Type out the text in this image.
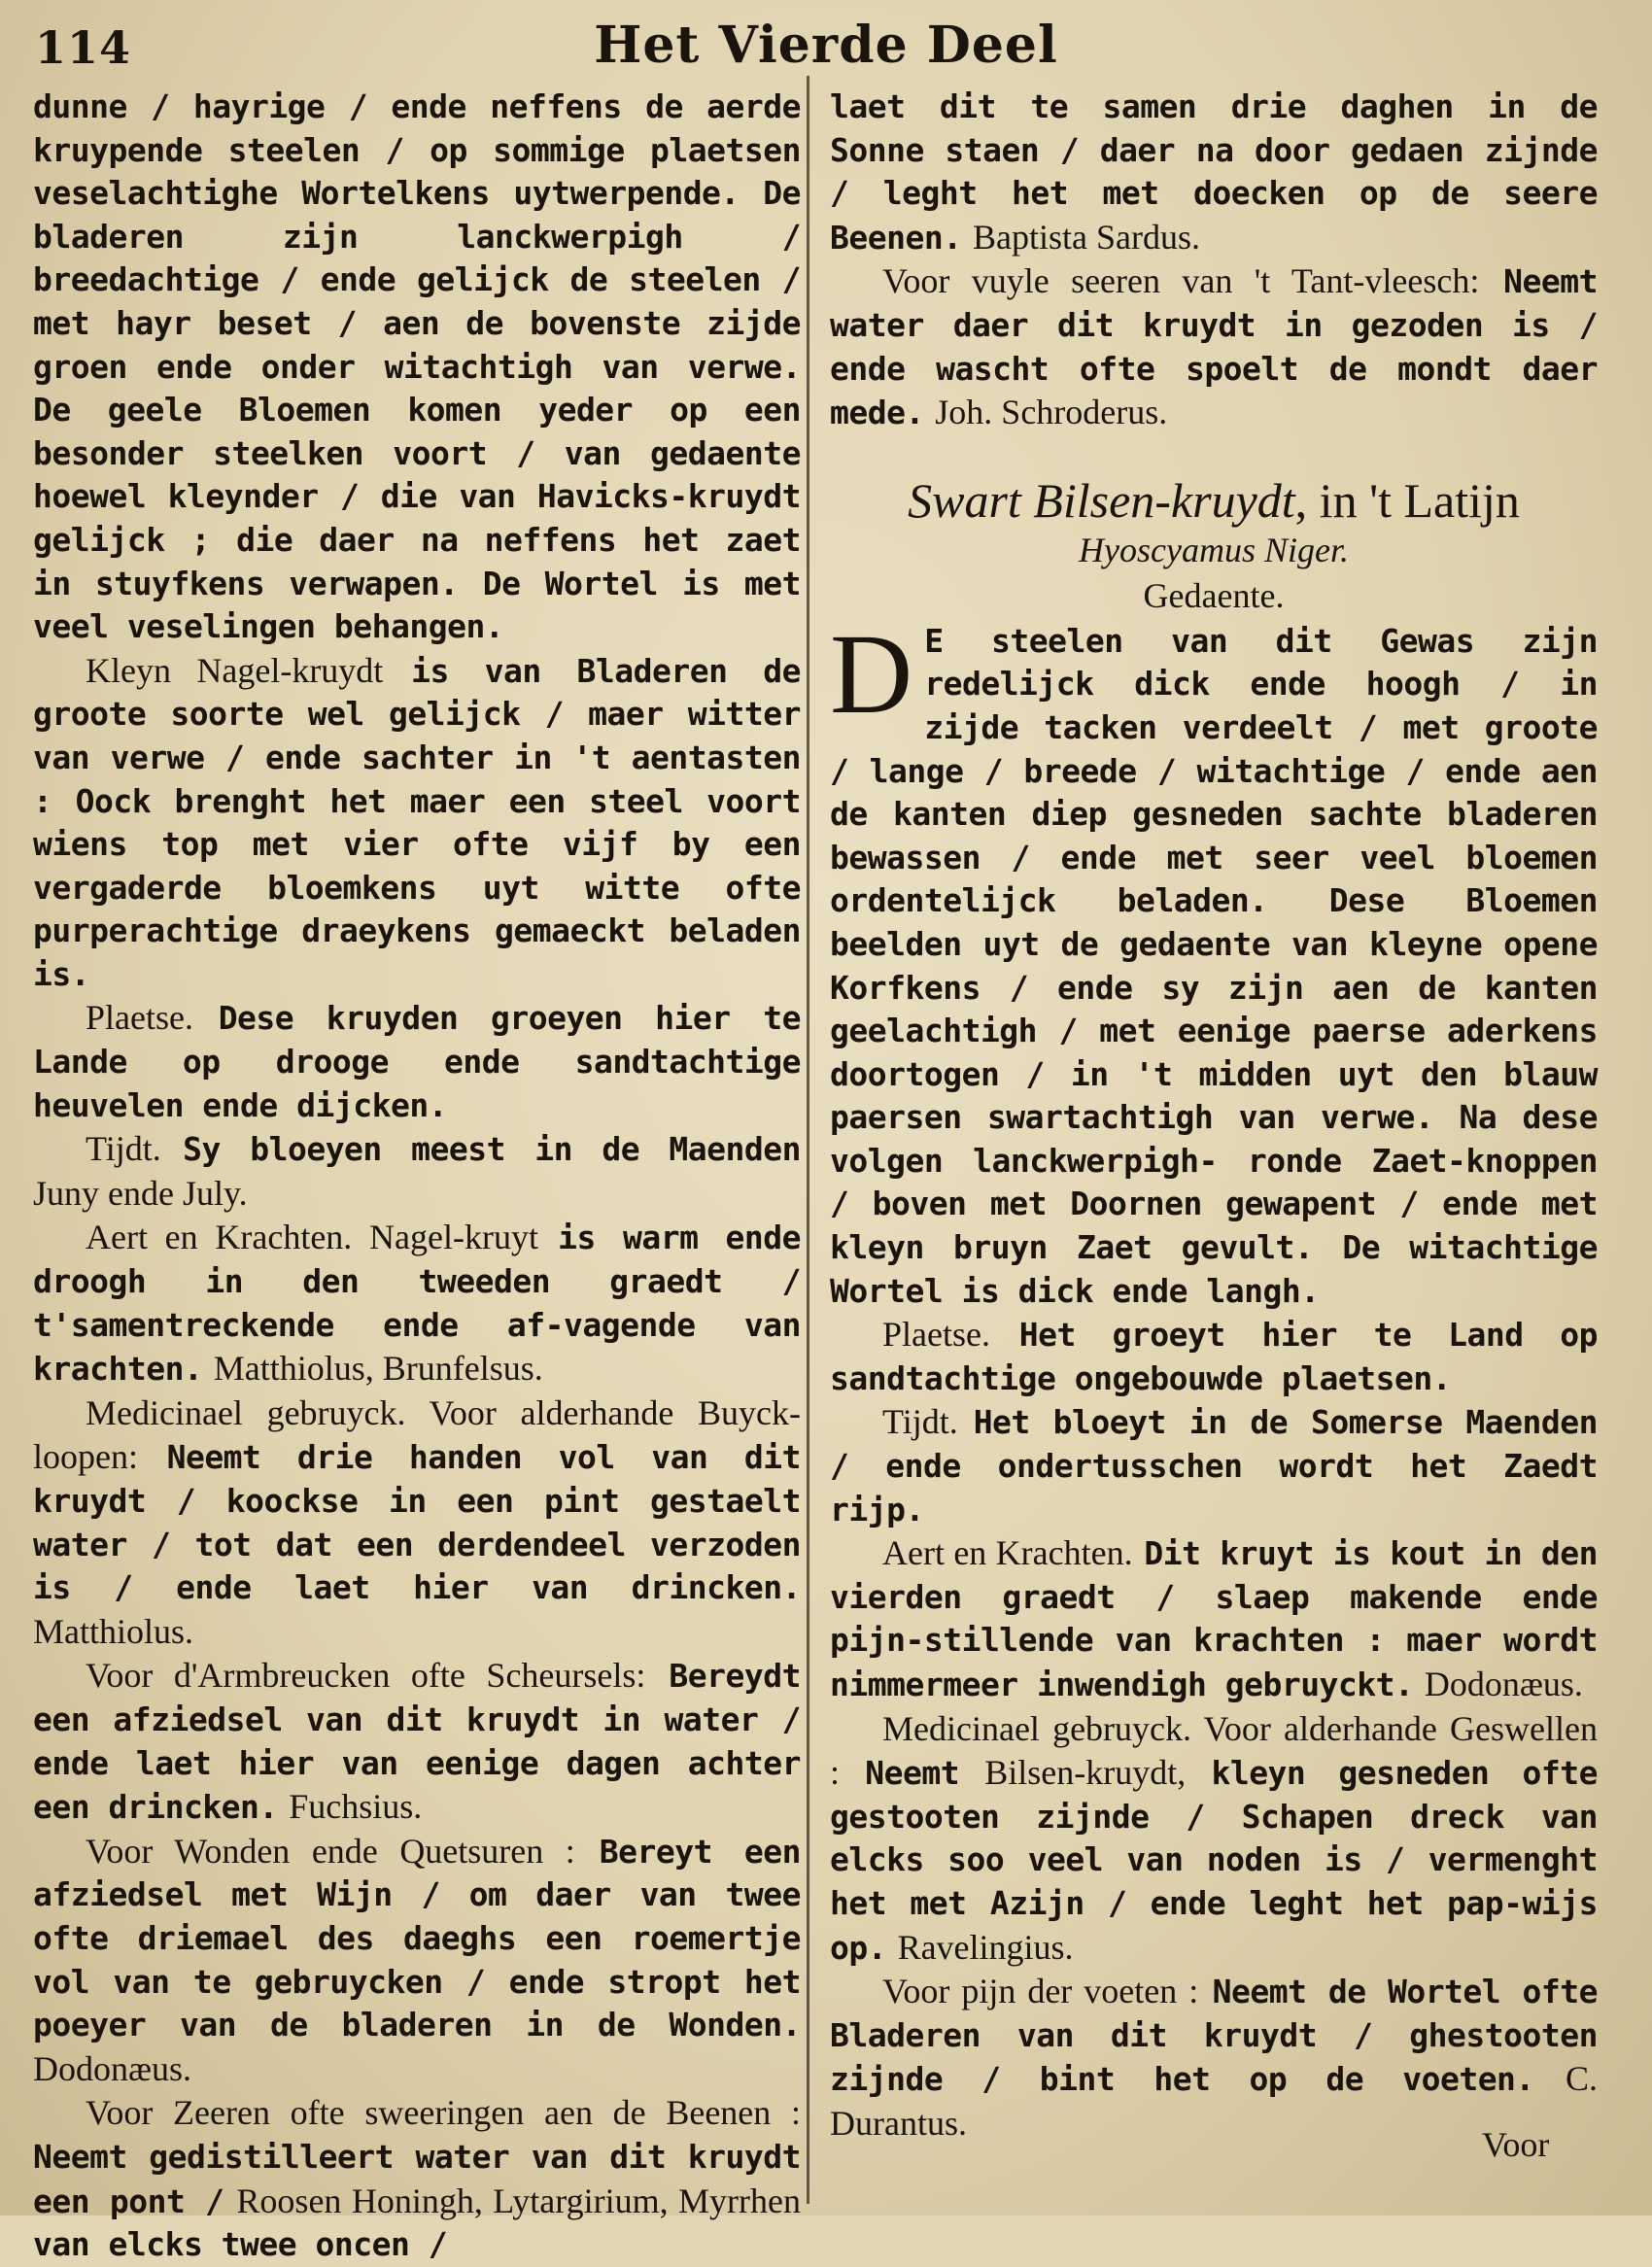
114	Het Vierde Deel

dunne / hayrige / ende neffens de aerde kruypende steelen / op sommige plaetsen veselachtighe Wortelkens uytwerpende. De bladeren zijn lanckwerpigh / breedachtige / ende gelijck de steelen / met hayr beset / aen de bovenste zijde groen ende onder witachtigh van verwe. De geele Bloemen komen yeder op een besonder steelken voort / van gedaente hoewel kleynder / die van Havicks-kruydt gelijck ; die daer na neffens het zaet in stuyfkens verwapen. De Wortel is met veel veselingen behangen.

Kleyn Nagel-kruydt is van Bladeren de groote soorte wel gelijck / maer witter van verwe / ende sachter in 't aentasten : Oock brenght het maer een steel voort wiens top met vier ofte vijf by een vergaderde bloemkens uyt witte ofte purperachtige draeykens gemaeckt beladen is.

Plaetse. Dese kruyden groeyen hier te Lande op drooge ende sandtachtige heuvelen ende dijcken.

Tijdt. Sy bloeyen meest in de Maenden Juny ende July.

Aert en Krachten. Nagel-kruyt is warm ende droogh in den tweeden graedt / t'samentreckende ende af-vagende van krachten. Matthiolus, Brunfelsus.

Medicinael gebruyck. Voor alderhande Buyck-loopen: Neemt drie handen vol van dit kruydt / koockse in een pint gestaelt water / tot dat een derdendeel verzoden is / ende laet hier van drincken. Matthiolus.

Voor d'Armbreucken ofte Scheursels: Bereydt een afziedsel van dit kruydt in water / ende laet hier van eenige dagen achter een drincken. Fuchsius.

Voor Wonden ende Quetsuren : Bereyt een afziedsel met Wijn / om daer van twee ofte driemael des daeghs een roemertje vol van te gebruycken / ende stropt het poeyer van de bladeren in de Wonden. Dodonæus.

Voor Zeeren ofte sweeringen aen de Beenen : Neemt gedistilleert water van dit kruydt een pont / Roosen Honingh, Lytargirium, Myrrhen van elcks twee oncen /

laet dit te samen drie daghen in de Sonne staen / daer na door gedaen zijnde / leght het met doecken op de seere Beenen. Baptista Sardus.

Voor vuyle seeren van 't Tant-vleesch: Neemt water daer dit kruydt in gezoden is / ende wascht ofte spoelt de mondt daer mede. Joh. Schroderus.

Swart Bilsen-kruydt, in 't Latijn
Hyoscyamus Niger.
Gedaente.

D E steelen van dit Gewas zijn redelijck dick ende hoogh / in zijde tacken verdeelt / met groote / lange / breede / witachtige / ende aen de kanten diep gesneden sachte bladeren bewassen / ende met seer veel bloemen ordentelijck beladen. Dese Bloemen beelden uyt de gedaente van kleyne opene Korfkens / ende sy zijn aen de kanten geelachtigh / met eenige paerse aderkens doortogen / in 't midden uyt den blauw paersen swartachtigh van verwe. Na dese volgen lanckwerpigh- ronde Zaet-knoppen / boven met Doornen gewapent / ende met kleyn bruyn Zaet gevult. De witachtige Wortel is dick ende langh.

Plaetse. Het groeyt hier te Land op sandtachtige ongebouwde plaetsen.

Tijdt. Het bloeyt in de Somerse Maenden / ende ondertusschen wordt het Zaedt rijp.

Aert en Krachten. Dit kruyt is kout in den vierden graedt / slaep makende ende pijn-stillende van krachten : maer wordt nimmermeer inwendigh gebruyckt. Dodonæus.

Medicinael gebruyck. Voor alderhande Geswellen : Neemt Bilsen-kruydt, kleyn gesneden ofte gestooten zijnde / Schapen dreck van elcks soo veel van noden is / vermenght het met Azijn / ende leght het pap-wijs op. Ravelingius.

Voor pijn der voeten : Neemt de Wortel ofte Bladeren van dit kruydt / ghestooten zijnde / bint het op de voeten. C. Durantus.

Voor
